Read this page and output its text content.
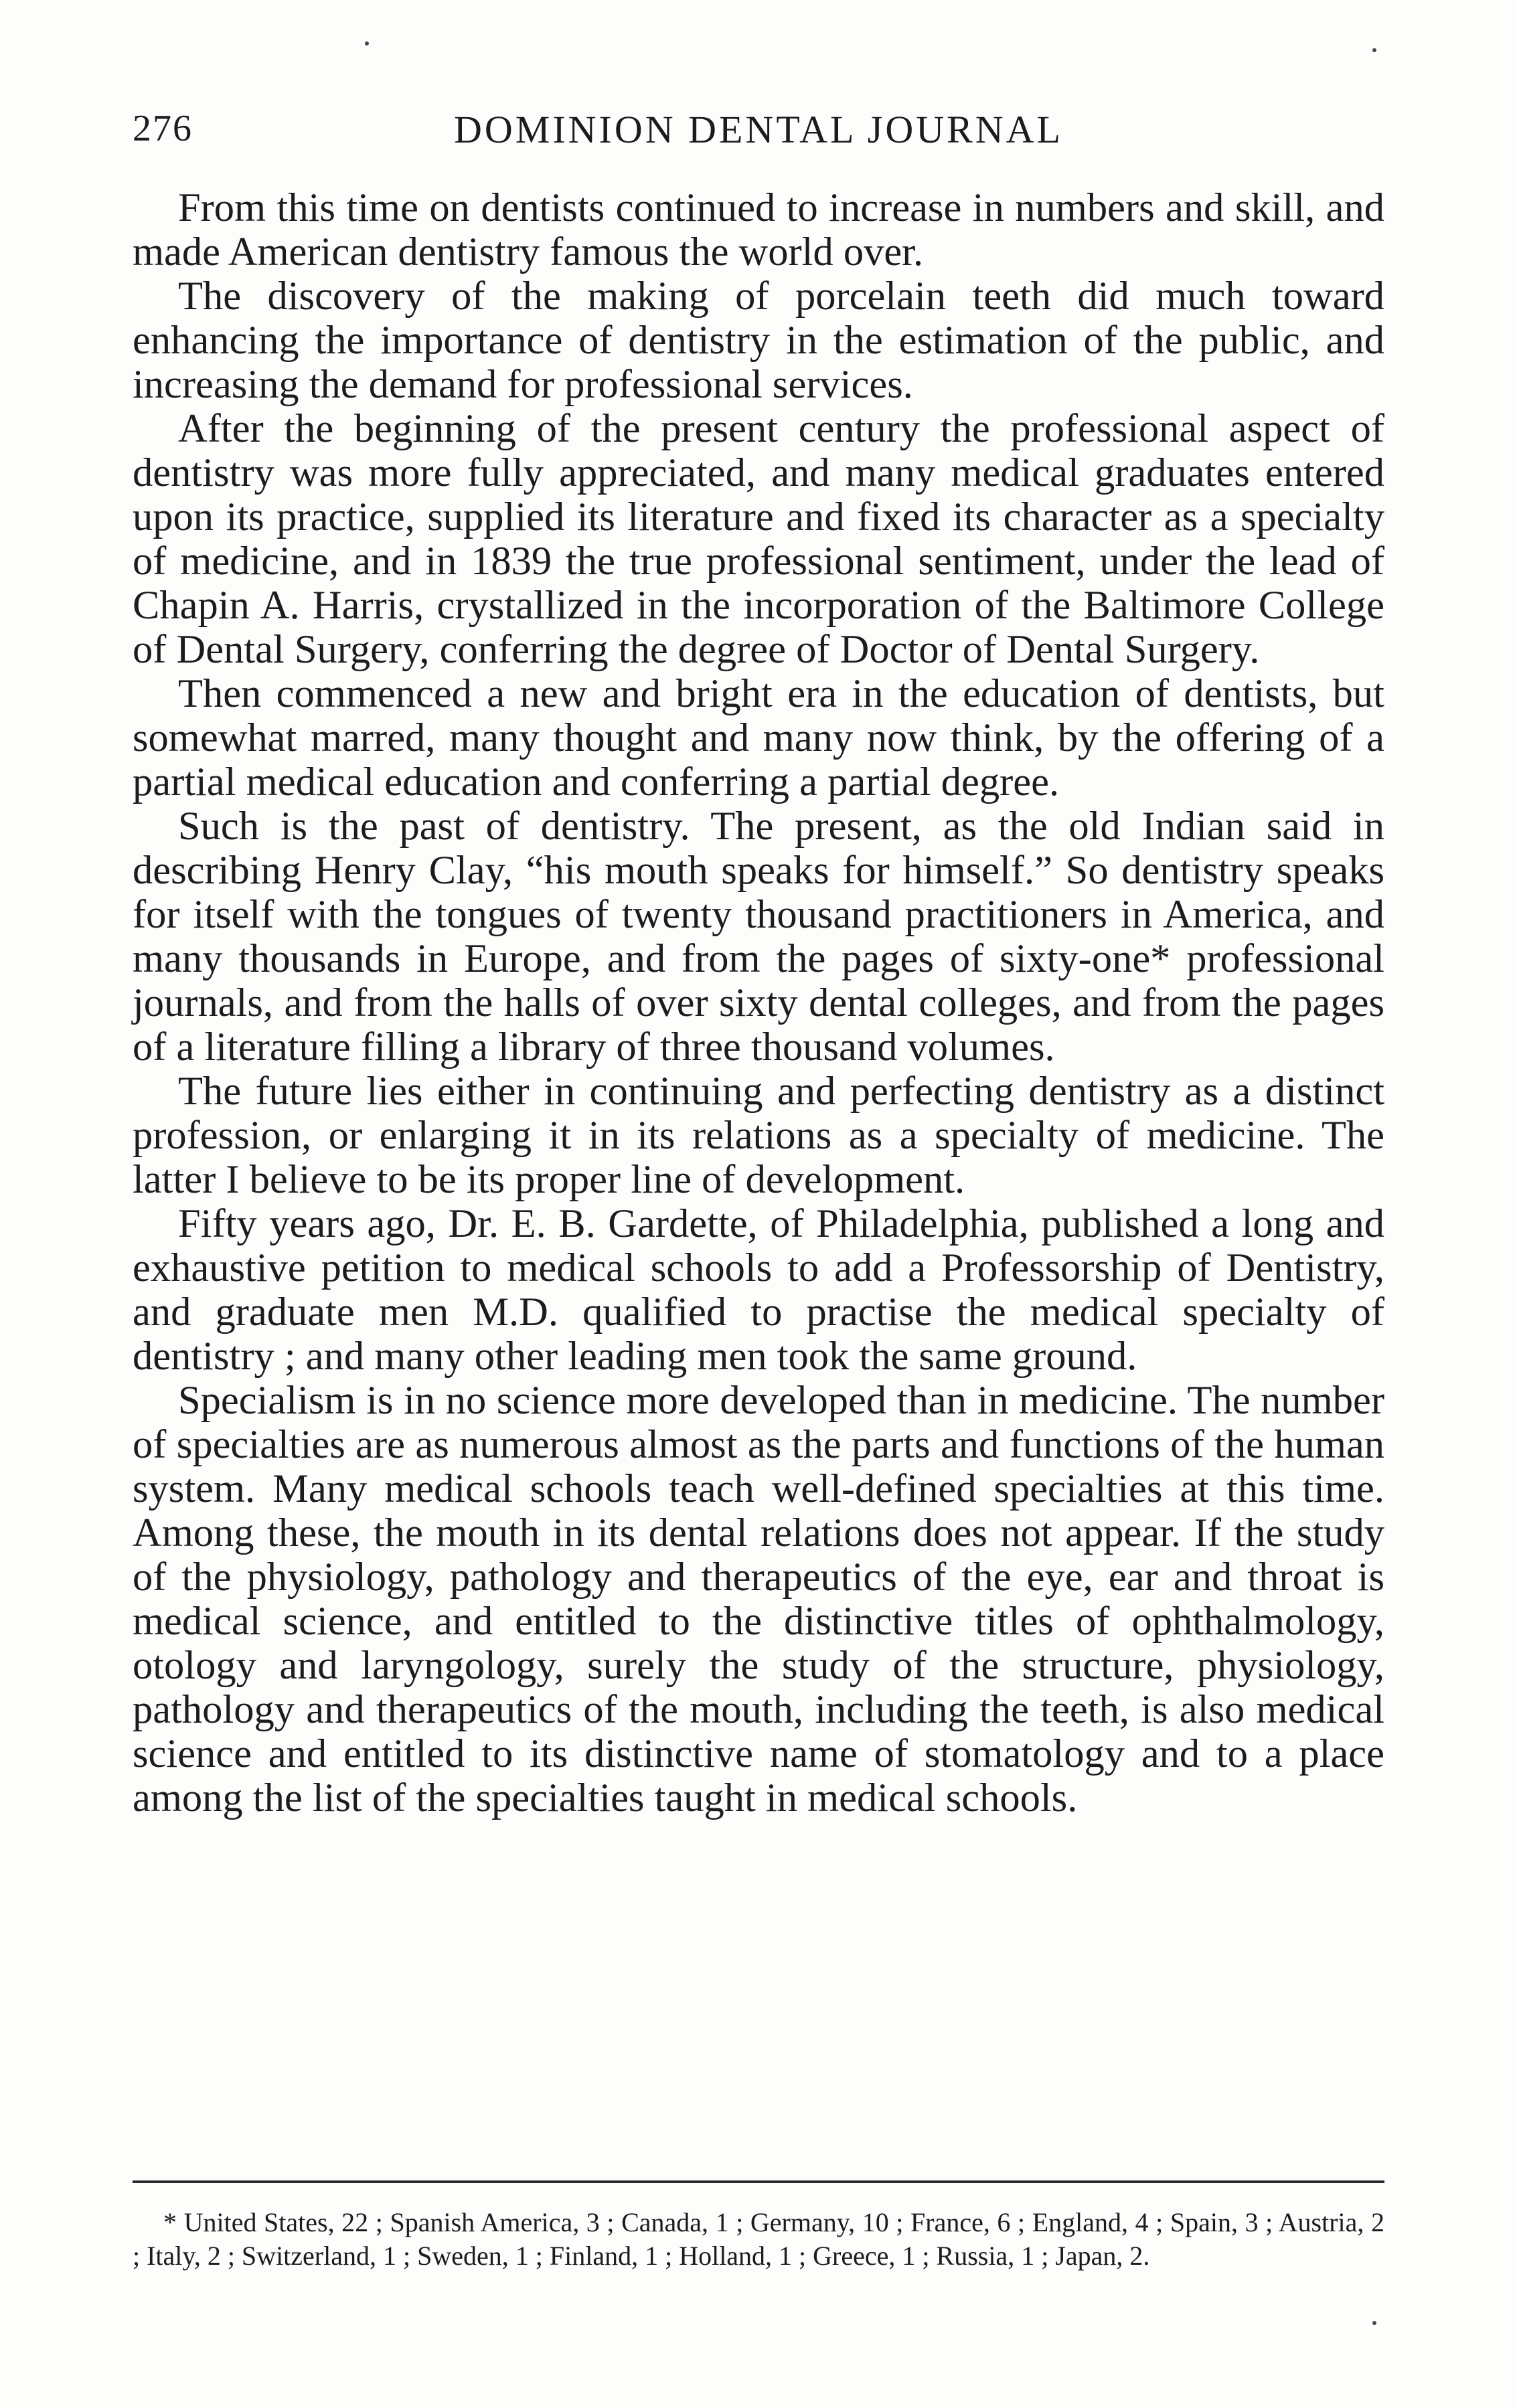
276	DOMINION DENTAL JOURNAL

From this time on dentists continued to increase in numbers and skill, and made American dentistry famous the world over.

The discovery of the making of porcelain teeth did much toward enhancing the importance of dentistry in the estimation of the public, and increasing the demand for professional services.

After the beginning of the present century the professional aspect of dentistry was more fully appreciated, and many medical graduates entered upon its practice, supplied its literature and fixed its character as a specialty of medicine, and in 1839 the true professional sentiment, under the lead of Chapin A. Harris, crystallized in the incorporation of the Baltimore College of Dental Surgery, conferring the degree of Doctor of Dental Surgery.

Then commenced a new and bright era in the education of dentists, but somewhat marred, many thought and many now think, by the offering of a partial medical education and conferring a partial degree.

Such is the past of dentistry. The present, as the old Indian said in describing Henry Clay, “his mouth speaks for himself.” So dentistry speaks for itself with the tongues of twenty thousand practitioners in America, and many thousands in Europe, and from the pages of sixty-one* professional journals, and from the halls of over sixty dental colleges, and from the pages of a literature filling a library of three thousand volumes.

The future lies either in continuing and perfecting dentistry as a distinct profession, or enlarging it in its relations as a specialty of medicine. The latter I believe to be its proper line of development.

Fifty years ago, Dr. E. B. Gardette, of Philadelphia, published a long and exhaustive petition to medical schools to add a Professorship of Dentistry, and graduate men M.D. qualified to practise the medical specialty of dentistry ; and many other leading men took the same ground.

Specialism is in no science more developed than in medicine. The number of specialties are as numerous almost as the parts and functions of the human system. Many medical schools teach well-defined specialties at this time. Among these, the mouth in its dental relations does not appear. If the study of the physiology, pathology and therapeutics of the eye, ear and throat is medical science, and entitled to the distinctive titles of ophthalmology, otology and laryngology, surely the study of the structure, physiology, pathology and therapeutics of the mouth, including the teeth, is also medical science and entitled to its distinctive name of stomatology and to a place among the list of the specialties taught in medical schools.

* United States, 22 ; Spanish America, 3 ; Canada, 1 ; Germany, 10 ; France, 6 ; England, 4 ; Spain, 3 ; Austria, 2 ; Italy, 2 ; Switzerland, 1 ; Sweden, 1 ; Finland, 1 ; Holland, 1 ; Greece, 1 ; Russia, 1 ; Japan, 2.
